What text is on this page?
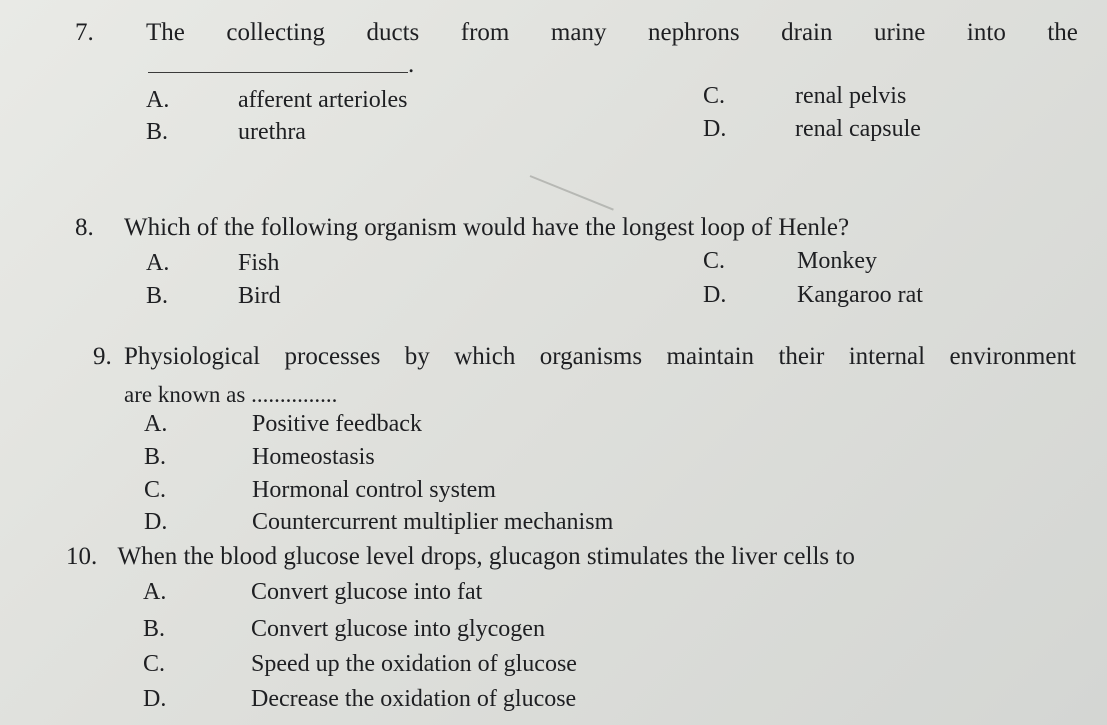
7. The collecting ducts from many nephrons drain urine into the
.
A.	afferent arterioles
B.	urethra
C.	renal pelvis
D.	renal capsule
8. Which of the following organism would have the longest loop of Henle?
A.	Fish
B.	Bird
C.	Monkey
D.	Kangaroo rat
9. Physiological processes by which organisms maintain their internal environment
are known as ...............
A.	Positive feedback
B.	Homeostasis
C.	Hormonal control system
D.	Countercurrent multiplier mechanism
10. When the blood glucose level drops, glucagon stimulates the liver cells to
A.	Convert glucose into fat
B.	Convert glucose into glycogen
C.	Speed up the oxidation of glucose
D.	Decrease the oxidation of glucose
